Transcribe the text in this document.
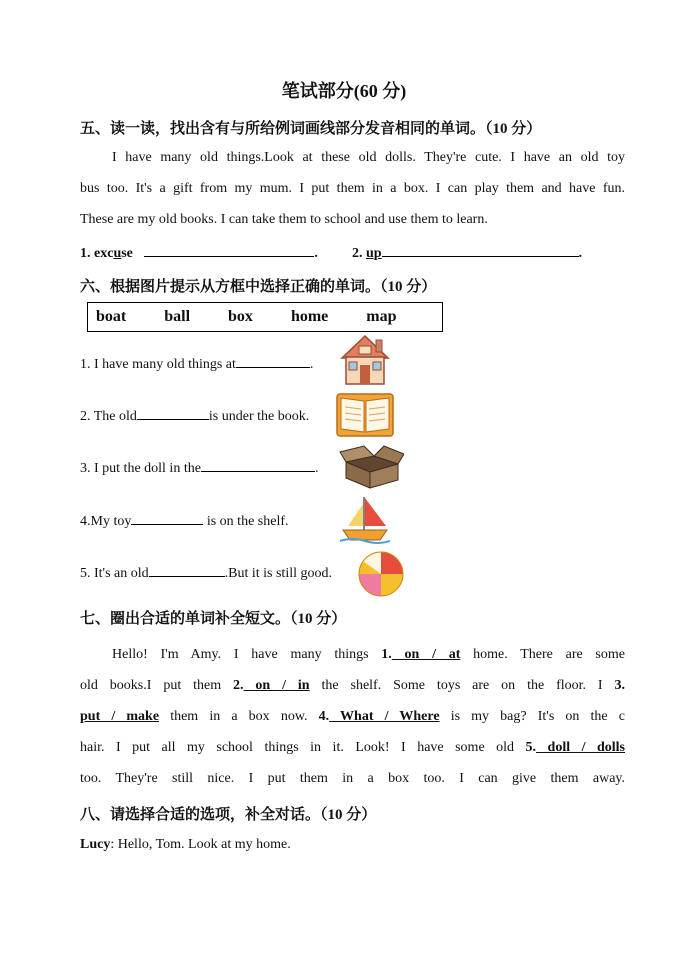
笔试部分(60 分)
五、读一读，找出含有与所给例词画线部分发音相同的单词。（10 分）
I have many old things.Look at these old dolls. They're cute. I have an old toy
bus too. It's a gift from my mum. I put them in a box. I can play them and have fun.
These are my old books. I can take them to school and use them to learn.
1. excuse	. 2. up	.
六、根据图片提示从方框中选择正确的单词。（10 分）
boat ball box home map
1. I have many old things at	.
2. The old	is under the book.
3. I put the doll in the	.
4.My toy	is on the shelf.
5. It's an old	.But it is still good.
七、圈出合适的单词补全短文。（10 分）
Hello! I'm Amy. I have many things 1. on / at home. There are some
old books.I put them 2. on / in the shelf. Some toys are on the floor. I 3.
put / make them in a box now. 4. What / Where is my bag? It's on the c
hair. I put all my school things in it. Look! I have some old 5. doll / dolls
too. They're still nice. I put them in a box too. I can give them away.
八、请选择合适的选项，补全对话。（10 分）
Lucy: Hello, Tom. Look at my home.
